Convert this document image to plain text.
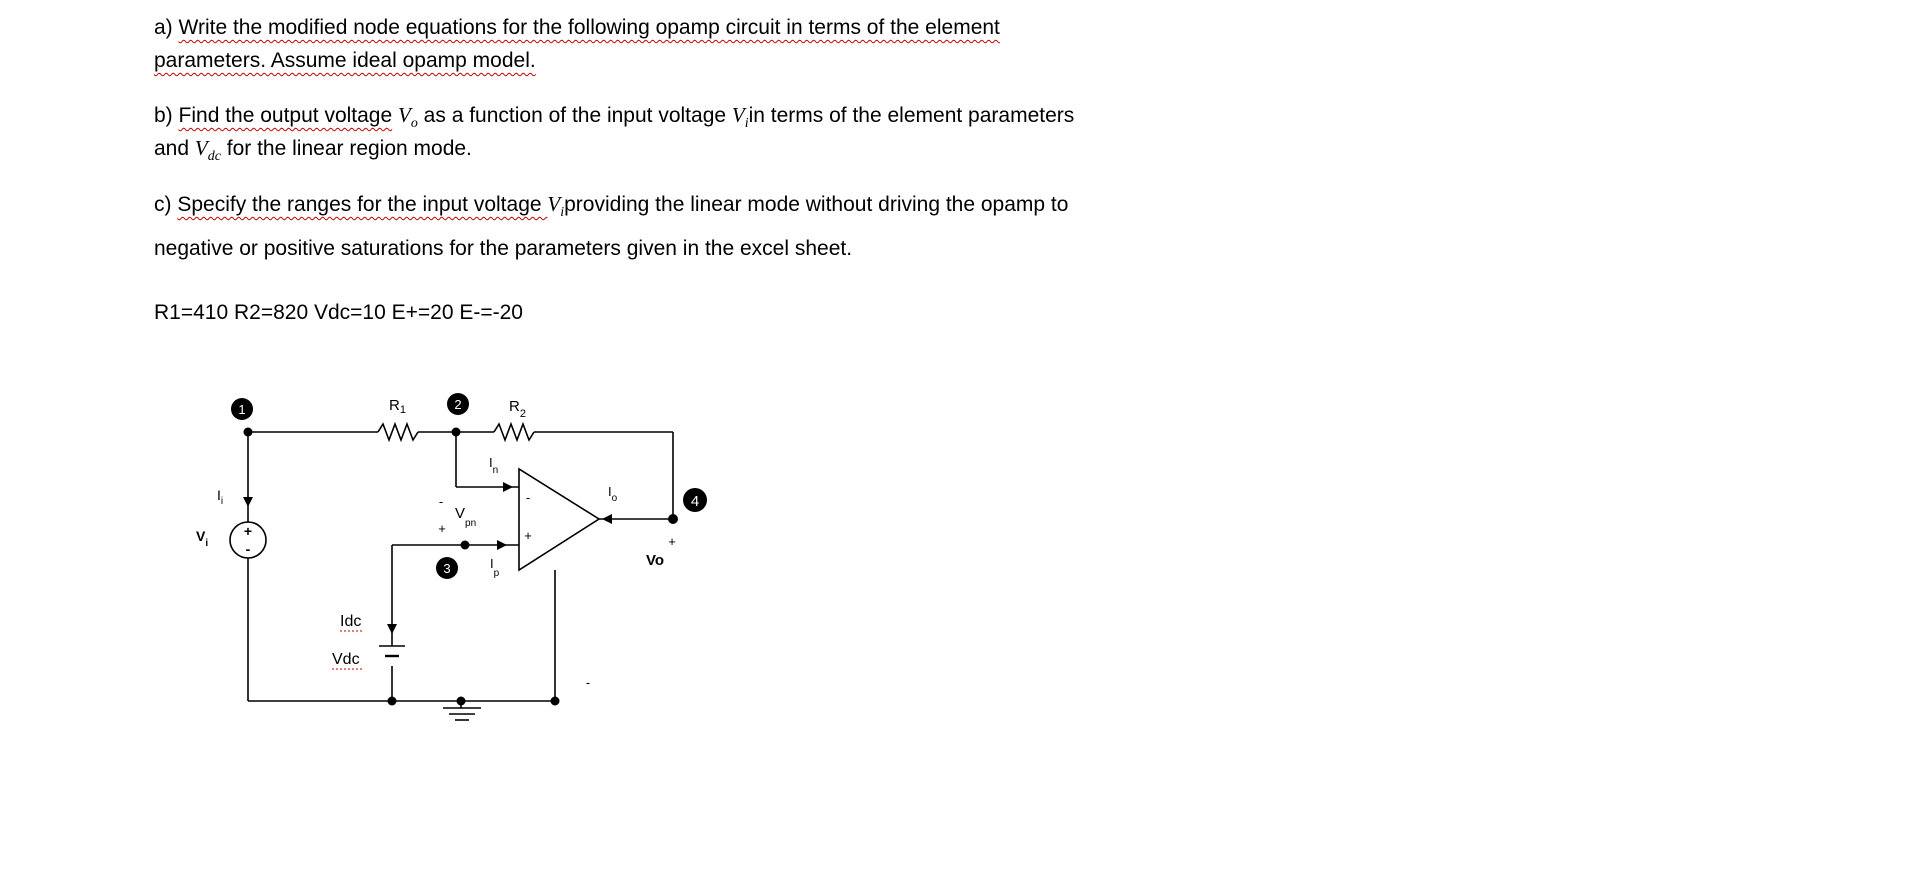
a) Write the modified node equations for the following opamp circuit in terms of the element
parameters. Assume ideal opamp model.
b) Find the output voltage $V_o$ as a function of the input voltage $V_iin$ terms of the element parameters
and $V_{dc}$ for the linear region mode.
c) Specify the ranges for the input voltage $V_iproviding$ the linear mode without driving the opamp to
negative or positive saturations for the parameters given in the excel sheet.
R1=410 R2=820 Vdc=10 E+=20 E-=-20
+
-
1	2
3
4
$R_1$	$R_2$
$I_n$
$I_p$
$I_o$
$I_i$
$V_i$
-
+
$V_{pn}$
-
+	+
Vo
-
Idc
Vdc
